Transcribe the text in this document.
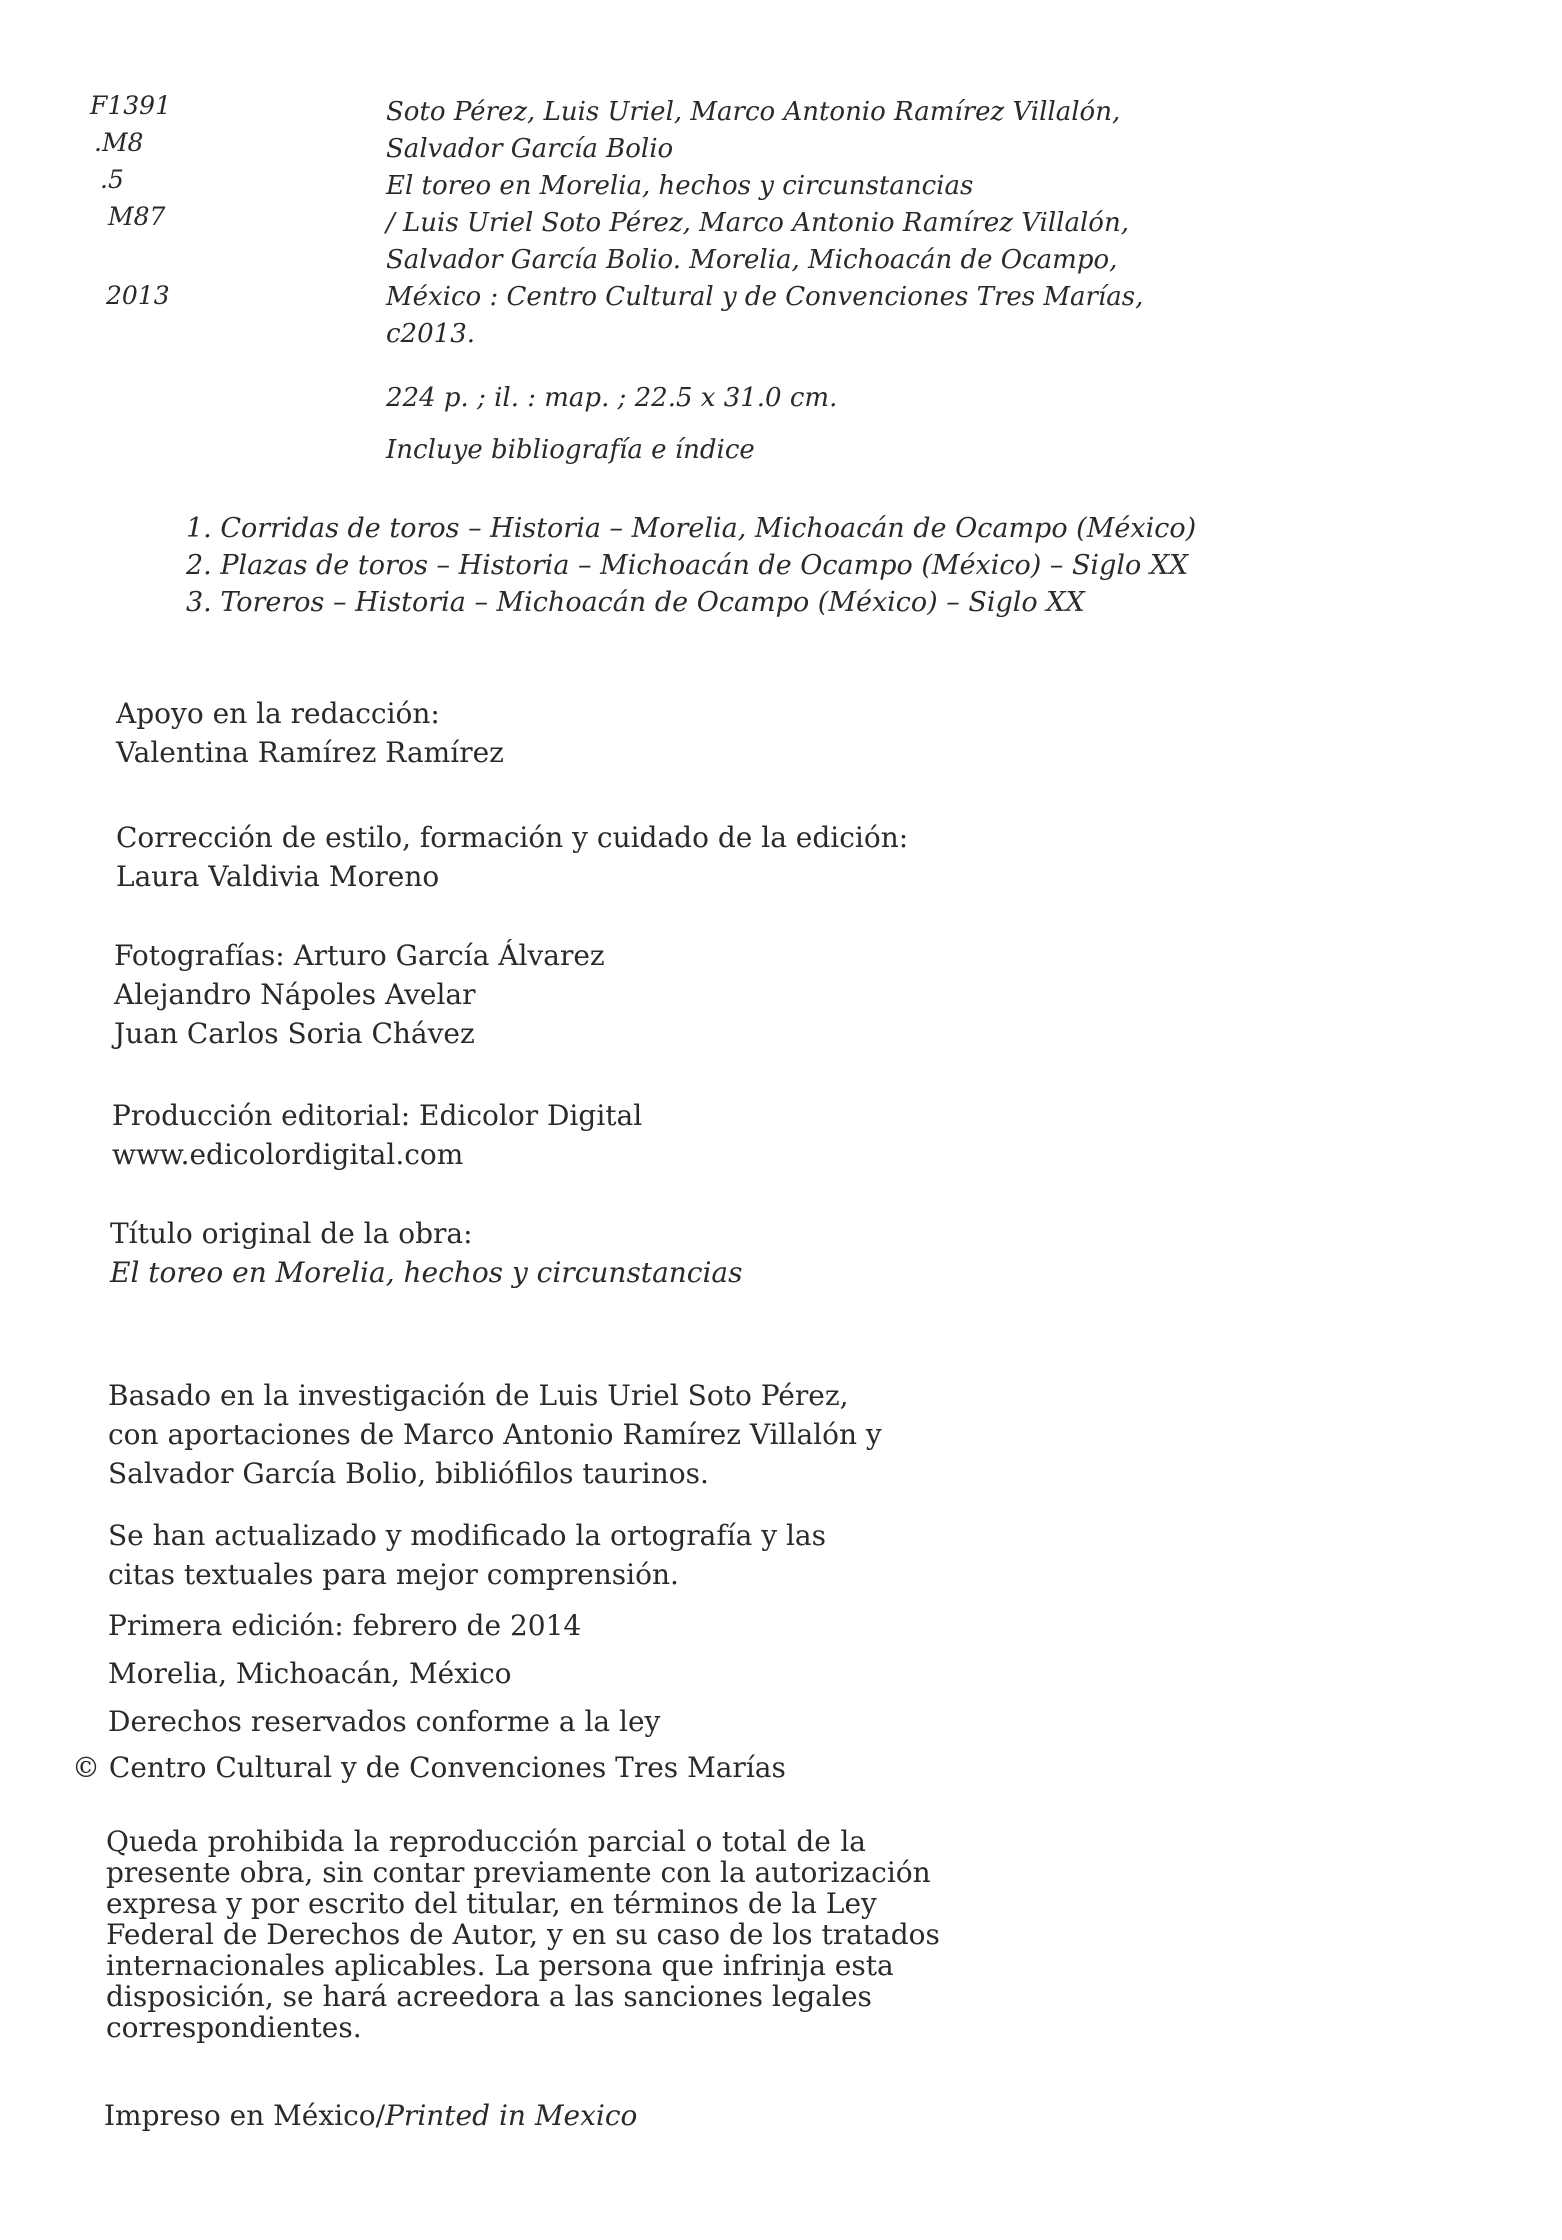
F1391
.M8
.5
M87
2013
Soto Pérez, Luis Uriel, Marco Antonio Ramírez Villalón,
Salvador García Bolio
El toreo en Morelia, hechos y circunstancias
/ Luis Uriel Soto Pérez, Marco Antonio Ramírez Villalón,
Salvador García Bolio. Morelia, Michoacán de Ocampo,
México : Centro Cultural y de Convenciones Tres Marías,
c2013.
224 p. ; il. : map. ; 22.5 x 31.0 cm.
Incluye bibliografía e índice
1. Corridas de toros – Historia – Morelia, Michoacán de Ocampo (México)
2. Plazas de toros – Historia – Michoacán de Ocampo (México) – Siglo XX
3. Toreros – Historia – Michoacán de Ocampo (México) – Siglo XX
Apoyo en la redacción:
Valentina Ramírez Ramírez
Corrección de estilo, formación y cuidado de la edición:
Laura Valdivia Moreno
Fotografías: Arturo García Álvarez
Alejandro Nápoles Avelar
Juan Carlos Soria Chávez
Producción editorial: Edicolor Digital
www.edicolordigital.com
Título original de la obra:
El toreo en Morelia, hechos y circunstancias
Basado en la investigación de Luis Uriel Soto Pérez,
con aportaciones de Marco Antonio Ramírez Villalón y
Salvador García Bolio, bibliófilos taurinos.
Se han actualizado y modificado la ortografía y las
citas textuales para mejor comprensión.
Primera edición: febrero de 2014
Morelia, Michoacán, México
Derechos reservados conforme a la ley
© Centro Cultural y de Convenciones Tres Marías
Queda prohibida la reproducción parcial o total de la
presente obra, sin contar previamente con la autorización
expresa y por escrito del titular, en términos de la Ley
Federal de Derechos de Autor, y en su caso de los tratados
internacionales aplicables. La persona que infrinja esta
disposición, se hará acreedora a las sanciones legales
correspondientes.
Impreso en México/Printed in Mexico
